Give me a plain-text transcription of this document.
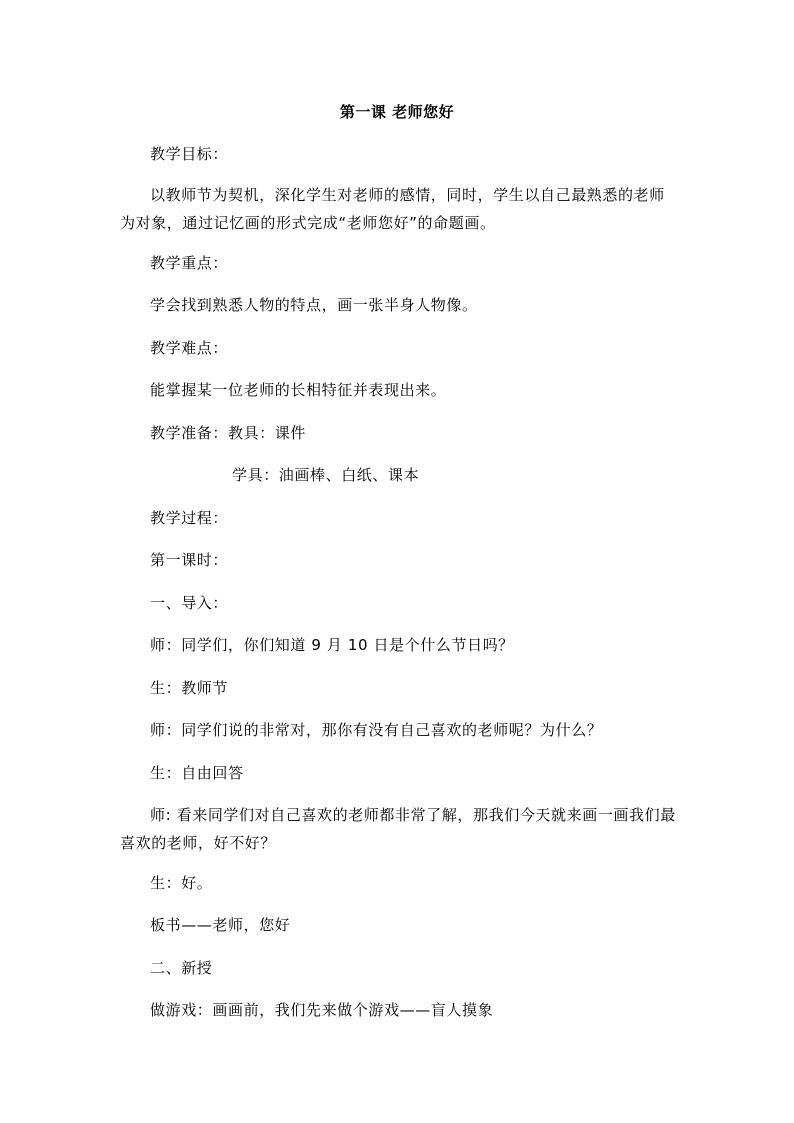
第一课 老师您好
教学目标：
以教师节为契机，深化学生对老师的感情，同时，学生以自己最熟悉的老师为对象，通过记忆画的形式完成“老师您好”的命题画。
教学重点：
学会找到熟悉人物的特点，画一张半身人物像。
教学难点：
能掌握某一位老师的长相特征并表现出来。
教学准备：教具：课件
学具：油画棒、白纸、课本
教学过程：
第一课时：
一、导入：
师：同学们，你们知道 9 月 10 日是个什么节日吗？
生：教师节
师：同学们说的非常对，那你有没有自己喜欢的老师呢？为什么？
生：自由回答
师: 看来同学们对自己喜欢的老师都非常了解，那我们今天就来画一画我们最喜欢的老师，好不好？
生：好。
板书——老师，您好
二、新授
做游戏：画画前，我们先来做个游戏——盲人摸象
